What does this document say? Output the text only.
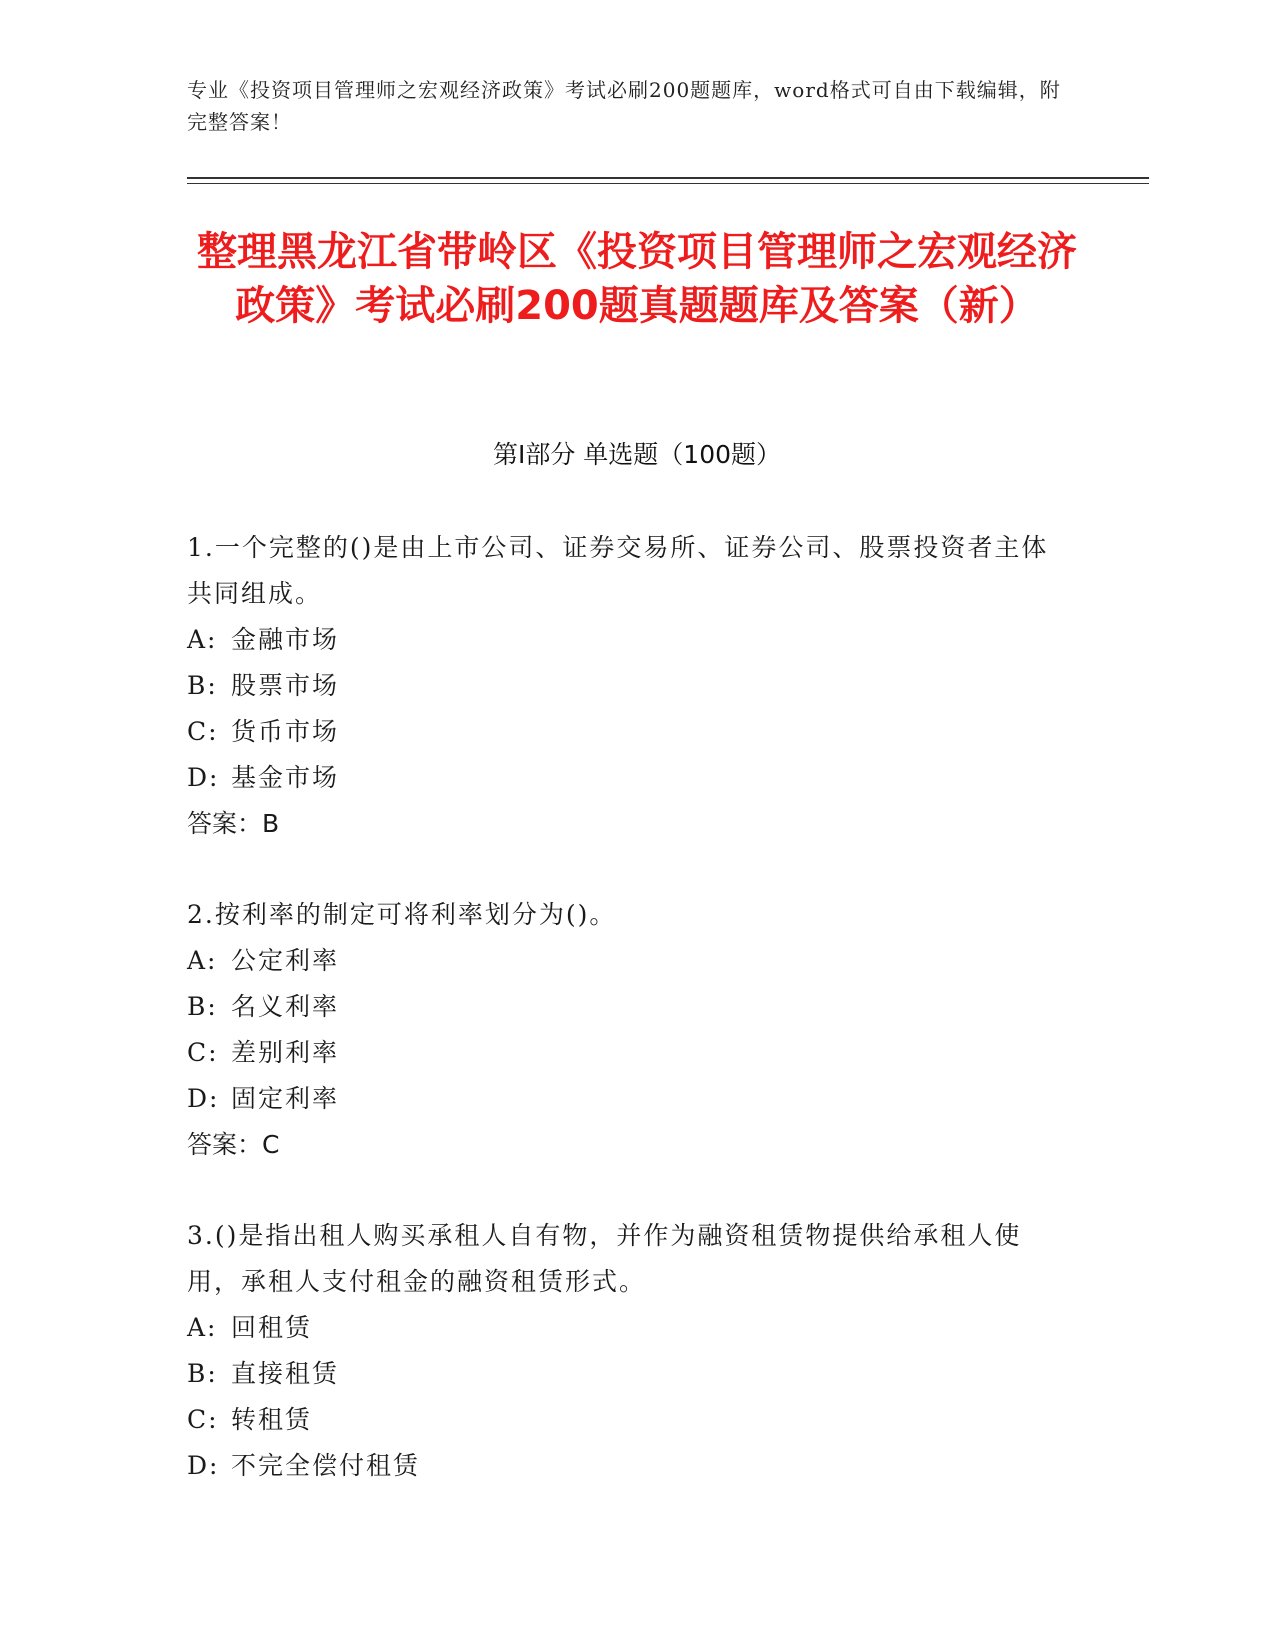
专业《投资项目管理师之宏观经济政策》考试必刷200题题库，word格式可自由下载编辑，附完整答案！
整理黑龙江省带岭区《投资项目管理师之宏观经济政策》考试必刷200题真题题库及答案（新）
第I部分 单选题（100题）

1.一个完整的()是由上市公司、证券交易所、证券公司、股票投资者主体共同组成。

A: 金融市场

B: 股票市场

C: 货币市场

D: 基金市场

答案：B

2.按利率的制定可将利率划分为()。

A: 公定利率

B: 名义利率

C: 差别利率

D: 固定利率

答案：C

3.()是指出租人购买承租人自有物，并作为融资租赁物提供给承租人使用，承租人支付租金的融资租赁形式。

A: 回租赁

B: 直接租赁

C: 转租赁

D: 不完全偿付租赁
